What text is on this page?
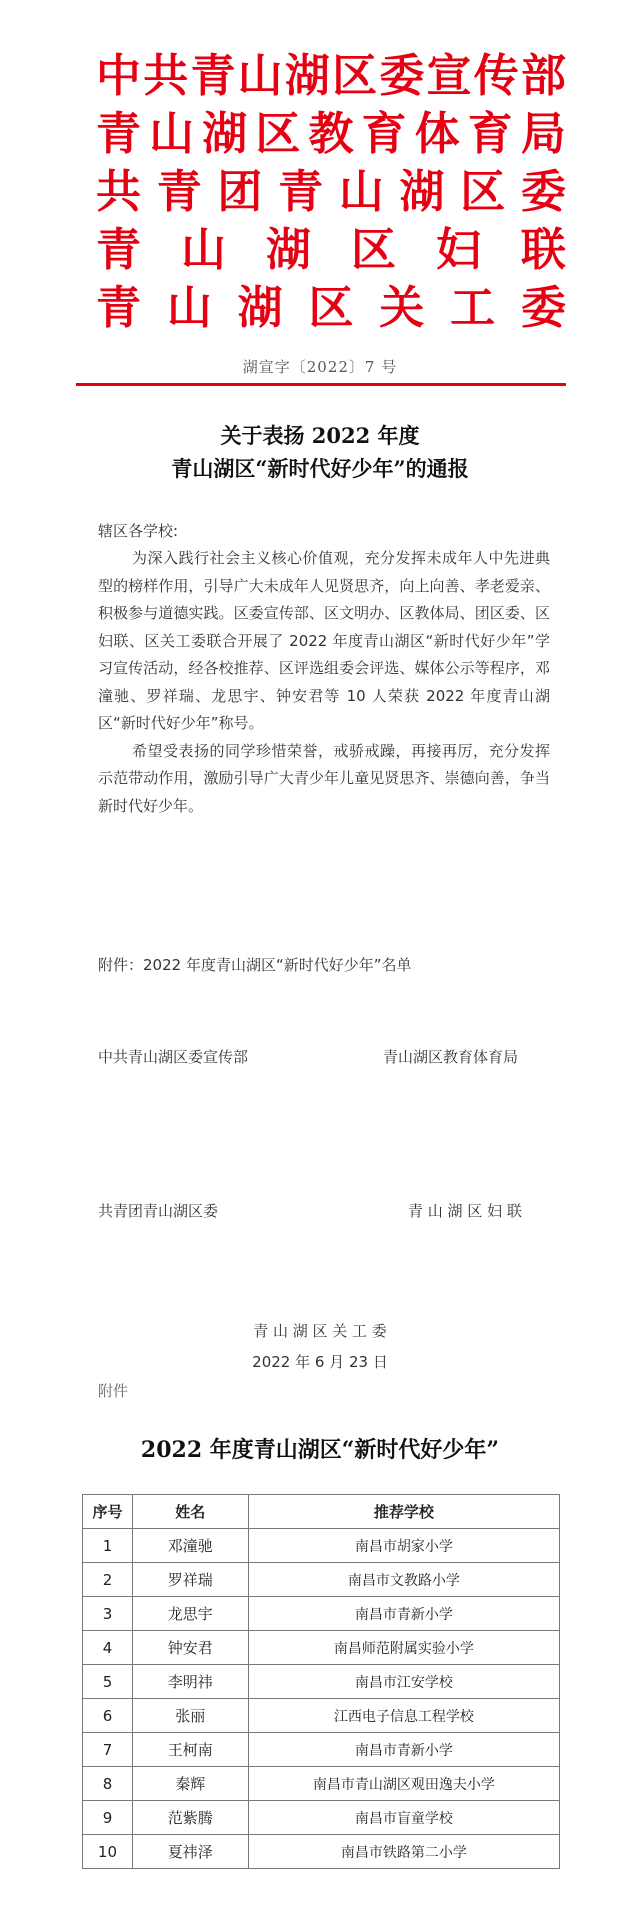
中 共 青 山 湖 区 委 宣 传 部
青 山 湖 区 教 育 体 育 局
共 青 团 青 山 湖 区 委
青 山 湖 区 妇 联
青 山 湖 区 关 工 委
湖宣字〔2022〕7 号
关于表扬 2022 年度
青山湖区“新时代好少年”的通报
辖区各学校:

为深入践行社会主义核心价值观，充分发挥未成年人中先进典型的榜样作用，引导广大未成年人见贤思齐，向上向善、孝老爱亲、积极参与道德实践。区委宣传部、区文明办、区教体局、团区委、区妇联、区关工委联合开展了 2022 年度青山湖区“新时代好少年”学习宣传活动，经各校推荐、区评选组委会评选、媒体公示等程序，邓潼驰、罗祥瑞、龙思宇、钟安君等 10 人荣获 2022 年度青山湖区“新时代好少年”称号。

希望受表扬的同学珍惜荣誉，戒骄戒躁，再接再厉，充分发挥示范带动作用，激励引导广大青少年儿童见贤思齐、崇德向善，争当新时代好少年。

附件：2022 年度青山湖区“新时代好少年”名单
中共青山湖区委宣传部	青山湖区教育体育局
共青团青山湖区委	青 山 湖 区 妇 联
青 山 湖 区 关 工 委
2022 年 6 月 23 日
附件
2022 年度青山湖区“新时代好少年”
序号	姓名	推荐学校
1	邓潼驰	南昌市胡家小学
2	罗祥瑞	南昌市文教路小学
3	龙思宇	南昌市青新小学
4	钟安君	南昌师范附属实验小学
5	李明祎	南昌市江安学校
6	张丽	江西电子信息工程学校
7	王柯南	南昌市青新小学
8	秦辉	南昌市青山湖区观田逸夫小学
9	范紫腾	南昌市盲童学校
10	夏祎泽	南昌市铁路第二小学
